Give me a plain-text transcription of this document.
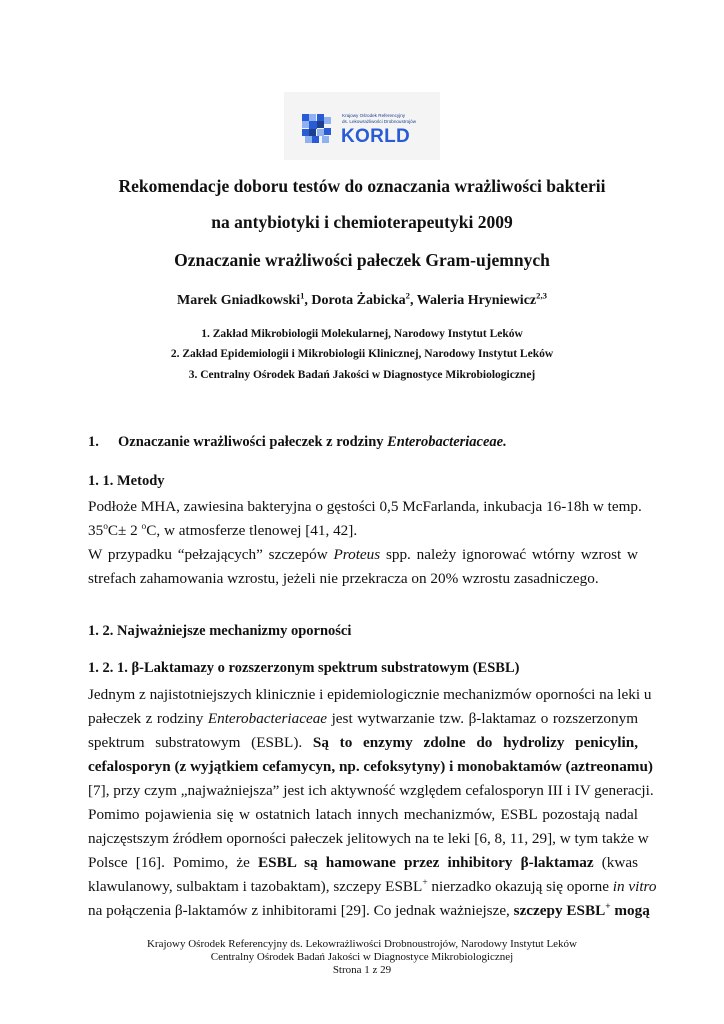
Krajowy Ośrodek Referencyjny
ds. Lekowrażliwości Drobnoustrojów
KORLD
Rekomendacje doboru testów do oznaczania wrażliwości bakterii
na antybiotyki i chemioterapeutyki 2009
Oznaczanie wrażliwości pałeczek Gram-ujemnych
Marek Gniadkowski$^1$, Dorota Żabicka$^2$, Waleria Hryniewicz$^{2,3}$
1. Zakład Mikrobiologii Molekularnej, Narodowy Instytut Leków
2. Zakład Epidemiologii i Mikrobiologii Klinicznej, Narodowy Instytut Leków
3. Centralny Ośrodek Badań Jakości w Diagnostyce Mikrobiologicznej
1. Oznaczanie wrażliwości pałeczek z rodziny Enterobacteriaceae.
1. 1. Metody
Podłoże MHA, zawiesina bakteryjna o gęstości 0,5 McFarlanda, inkubacja 16-18h w temp.
$35^oC\pm 2$ $^o$C, w atmosferze tlenowej [41, 42].
W przypadku “pełzających” szczepów Proteus spp. należy ignorować wtórny wzrost w
strefach zahamowania wzrostu, jeżeli nie przekracza on 20% wzrostu zasadniczego.
1. 2. Najważniejsze mechanizmy oporności
1. 2. 1. β-Laktamazy o rozszerzonym spektrum substratowym (ESBL)
Jednym z najistotniejszych klinicznie i epidemiologicznie mechanizmów oporności na leki u
pałeczek z rodziny Enterobacteriaceae jest wytwarzanie tzw. β-laktamaz o rozszerzonym
spektrum substratowym (ESBL). Są to enzymy zdolne do hydrolizy penicylin,
cefalosporyn (z wyjątkiem cefamycyn, np. cefoksytyny) i monobaktamów (aztreonamu)
[7], przy czym „najważniejsza” jest ich aktywność względem cefalosporyn III i IV generacji.
Pomimo pojawienia się w ostatnich latach innych mechanizmów, ESBL pozostają nadal
najczęstszym źródłem oporności pałeczek jelitowych na te leki [6, 8, 11, 29], w tym także w
Polsce [16]. Pomimo, że ESBL są hamowane przez inhibitory β-laktamaz (kwas
klawulanowy, sulbaktam i tazobaktam), szczepy ESBL+ nierzadko okazują się oporne in vitro
na połączenia β-laktamów z inhibitorami [29]. Co jednak ważniejsze, szczepy ESBL+ mogą
Krajowy Ośrodek Referencyjny ds. Lekowrażliwości Drobnoustrojów, Narodowy Instytut Leków
Centralny Ośrodek Badań Jakości w Diagnostyce Mikrobiologicznej
Strona 1 z 29
